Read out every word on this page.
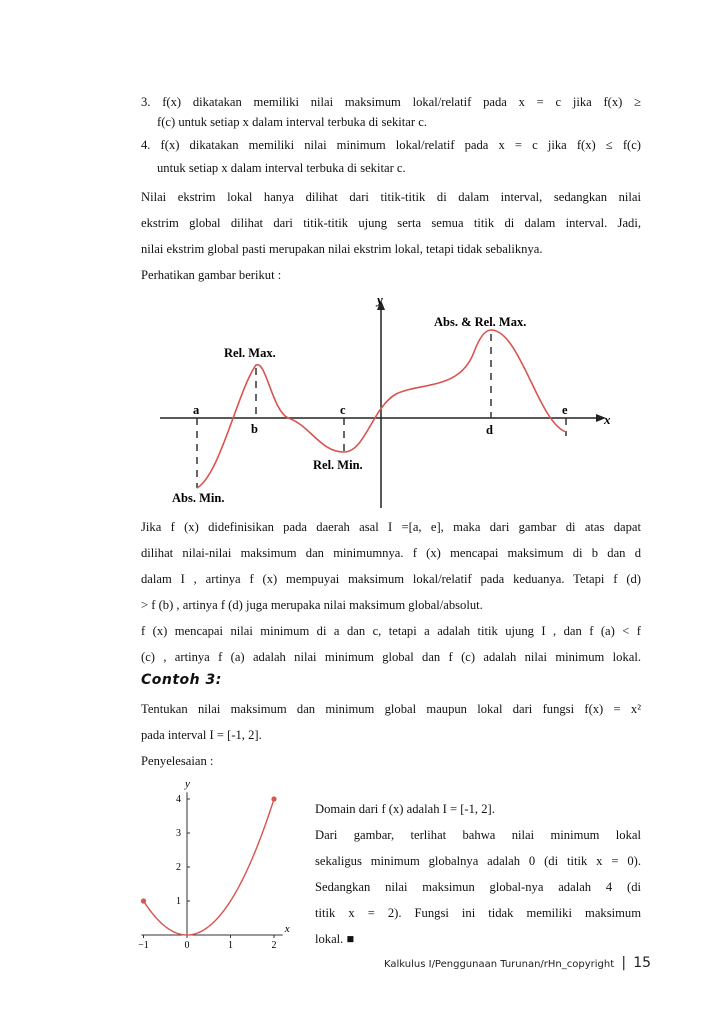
3. f(x) dikatakan memiliki nilai maksimum lokal/relatif pada x = c jika f(x) ≥
f(c) untuk setiap x dalam interval terbuka di sekitar c.
4. f(x) dikatakan memiliki nilai minimum lokal/relatif pada x = c jika f(x) ≤ f(c)
untuk setiap x dalam interval terbuka di sekitar c.
Nilai ekstrim lokal hanya dilihat dari titik-titik di dalam interval, sedangkan nilai
ekstrim global dilihat dari titik-titik ujung serta semua titik di dalam interval. Jadi,
nilai ekstrim global pasti merupakan nilai ekstrim lokal, tetapi tidak sebaliknya.
Perhatikan gambar berikut :
y
x
Abs. & Rel. Max.
Rel. Max.
Rel. Min.
Abs. Min.
a
b
c
d
e
Jika f (x) didefinisikan pada daerah asal I =[a, e], maka dari gambar di atas dapat
dilihat nilai-nilai maksimum dan minimumnya. f (x) mencapai maksimum di b dan d
dalam I , artinya f (x) mempuyai maksimum lokal/relatif pada keduanya. Tetapi f (d)
> f (b) , artinya f (d) juga merupaka nilai maksimum global/absolut.
f (x) mencapai nilai minimum di a dan c, tetapi a adalah titik ujung I , dan f (a) < f
(c) , artinya f (a) adalah nilai minimum global dan f (c) adalah nilai minimum lokal.
Contoh 3:
Tentukan nilai maksimum dan minimum global maupun lokal dari fungsi f(x) = x²
pada interval I = [-1, 2].
Penyelesaian :
y
x
−1	0	1	2
1
2
3
4
Domain dari f (x) adalah I = [-1, 2].
Dari gambar, terlihat bahwa nilai minimum lokal
sekaligus minimum globalnya adalah 0 (di titik x = 0).
Sedangkan nilai maksimun global-nya adalah 4 (di
titik x = 2). Fungsi ini tidak memiliki maksimum
lokal. ■
Kalkulus I/Penggunaan Turunan/rHn_copyright | 15
